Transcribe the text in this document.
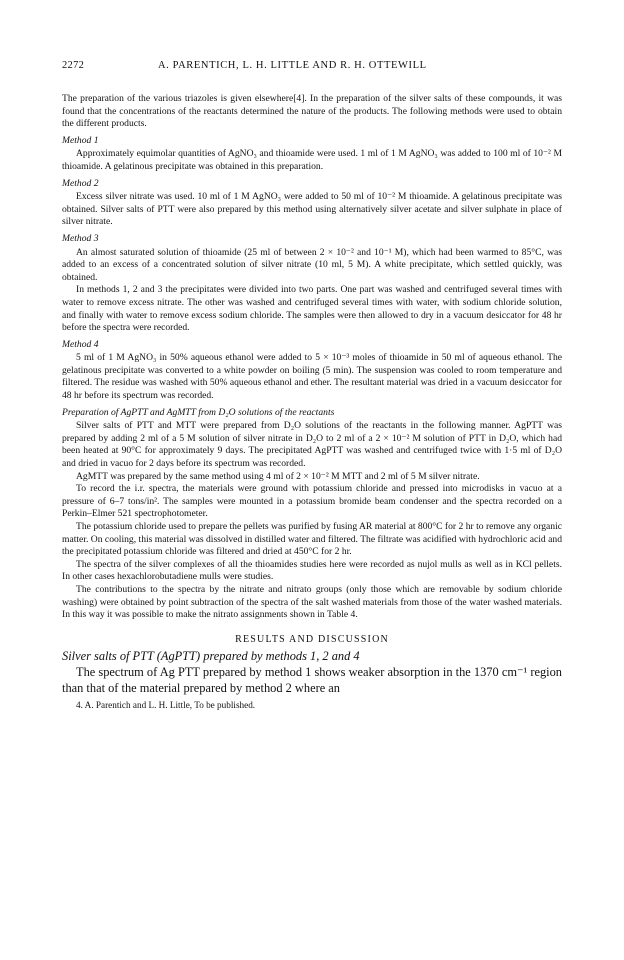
2272	A. PARENTICH, L. H. LITTLE AND R. H. OTTEWILL

The preparation of the various triazoles is given elsewhere[4]. In the preparation of the silver salts of these compounds, it was found that the concentrations of the reactants determined the nature of the products. The following methods were used to obtain the different products.

Method 1

Approximately equimolar quantities of AgNO₃ and thioamide were used. 1 ml of 1 M AgNO₃ was added to 100 ml of 10⁻² M thioamide. A gelatinous precipitate was obtained in this preparation.

Method 2

Excess silver nitrate was used. 10 ml of 1 M AgNO₃ were added to 50 ml of 10⁻² M thioamide. A gelatinous precipitate was obtained. Silver salts of PTT were also prepared by this method using alternatively silver acetate and silver sulphate in place of silver nitrate.

Method 3

An almost saturated solution of thioamide (25 ml of between 2 × 10⁻² and 10⁻¹ M), which had been warmed to 85°C, was added to an excess of a concentrated solution of silver nitrate (10 ml, 5 M). A white precipitate, which settled quickly, was obtained.

In methods 1, 2 and 3 the precipitates were divided into two parts. One part was washed and centrifuged several times with water to remove excess nitrate. The other was washed and centrifuged several times with water, with sodium chloride solution, and finally with water to remove excess sodium chloride. The samples were then allowed to dry in a vacuum desiccator for 48 hr before the spectra were recorded.

Method 4

5 ml of 1 M AgNO₃ in 50% aqueous ethanol were added to 5 × 10⁻³ moles of thioamide in 50 ml of aqueous ethanol. The gelatinous precipitate was converted to a white powder on boiling (5 min). The suspension was cooled to room temperature and filtered. The residue was washed with 50% aqueous ethanol and ether. The resultant material was dried in a vacuum desiccator for 48 hr before its spectrum was recorded.

Preparation of AgPTT and AgMTT from D₂O solutions of the reactants

Silver salts of PTT and MTT were prepared from D₂O solutions of the reactants in the following manner. AgPTT was prepared by adding 2 ml of a 5 M solution of silver nitrate in D₂O to 2 ml of a 2 × 10⁻² M solution of PTT in D₂O, which had been heated at 90°C for approximately 9 days. The precipitated AgPTT was washed and centrifuged twice with 1·5 ml of D₂O and dried in vacuo for 2 days before its spectrum was recorded.

AgMTT was prepared by the same method using 4 ml of 2 × 10⁻² M MTT and 2 ml of 5 M silver nitrate.

To record the i.r. spectra, the materials were ground with potassium chloride and pressed into microdisks in vacuo at a pressure of 6–7 tons/in². The samples were mounted in a potassium bromide beam condenser and the spectra recorded on a Perkin–Elmer 521 spectrophotometer.

The potassium chloride used to prepare the pellets was purified by fusing AR material at 800°C for 2 hr to remove any organic matter. On cooling, this material was dissolved in distilled water and filtered. The filtrate was acidified with hydrochloric acid and the precipitated potassium chloride was filtered and dried at 450°C for 2 hr.

The spectra of the silver complexes of all the thioamides studies here were recorded as nujol mulls as well as in KCl pellets. In other cases hexachlorobutadiene mulls were studies.

The contributions to the spectra by the nitrate and nitrato groups (only those which are removable by sodium chloride washing) were obtained by point subtraction of the spectra of the salt washed materials from those of the water washed materials. In this way it was possible to make the nitrato assignments shown in Table 4.

RESULTS AND DISCUSSION
Silver salts of PTT (AgPTT) prepared by methods 1, 2 and 4

The spectrum of Ag PTT prepared by method 1 shows weaker absorption in the 1370 cm⁻¹ region than that of the material prepared by method 2 where an

4. A. Parentich and L. H. Little, To be published.
